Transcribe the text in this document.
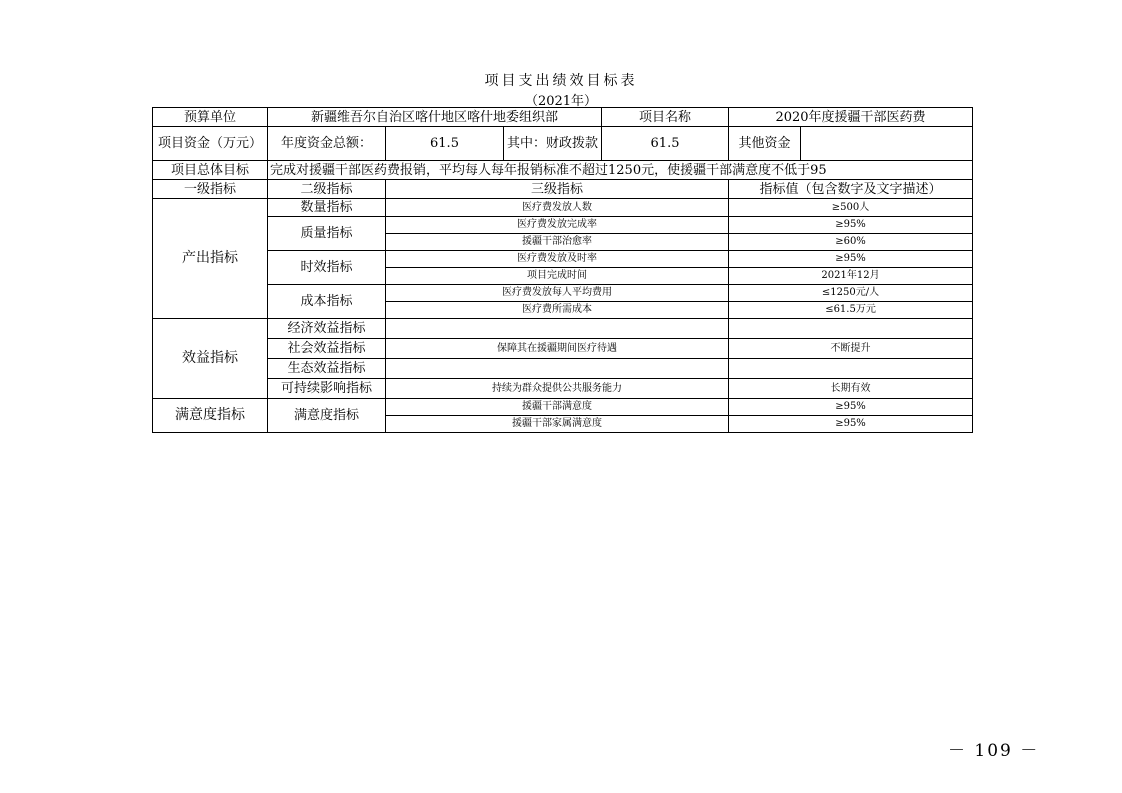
项目支出绩效目标表
（2021年）
预算单位	新疆维吾尔自治区喀什地区喀什地委组织部			项目名称	2020年度援疆干部医药费	
项目资金（万元）	年度资金总额：	61.5	其中：财政拨款	61.5	其他资金	
项目总体目标	完成对援疆干部医药费报销，平均每人每年报销标准不超过1250元，使援疆干部满意度不低于95					
一级指标	二级指标	三级指标			指标值（包含数字及文字描述）	
产出指标	数量指标	医疗费发放人数			≥500人	
	质量指标	医疗费发放完成率			≥95%	
		援疆干部治愈率			≥60%	
	时效指标	医疗费发放及时率			≥95%	
		项目完成时间			2021年12月	
	成本指标	医疗费发放每人平均费用			≤1250元/人	
		医疗费所需成本			≤61.5万元	
效益指标	经济效益指标					
	社会效益指标	保障其在援疆期间医疗待遇			不断提升	
	生态效益指标					
	可持续影响指标	持续为群众提供公共服务能力			长期有效	
满意度指标	满意度指标	援疆干部满意度			≥95%	
		援疆干部家属满意度			≥95%	
－ 109 －
